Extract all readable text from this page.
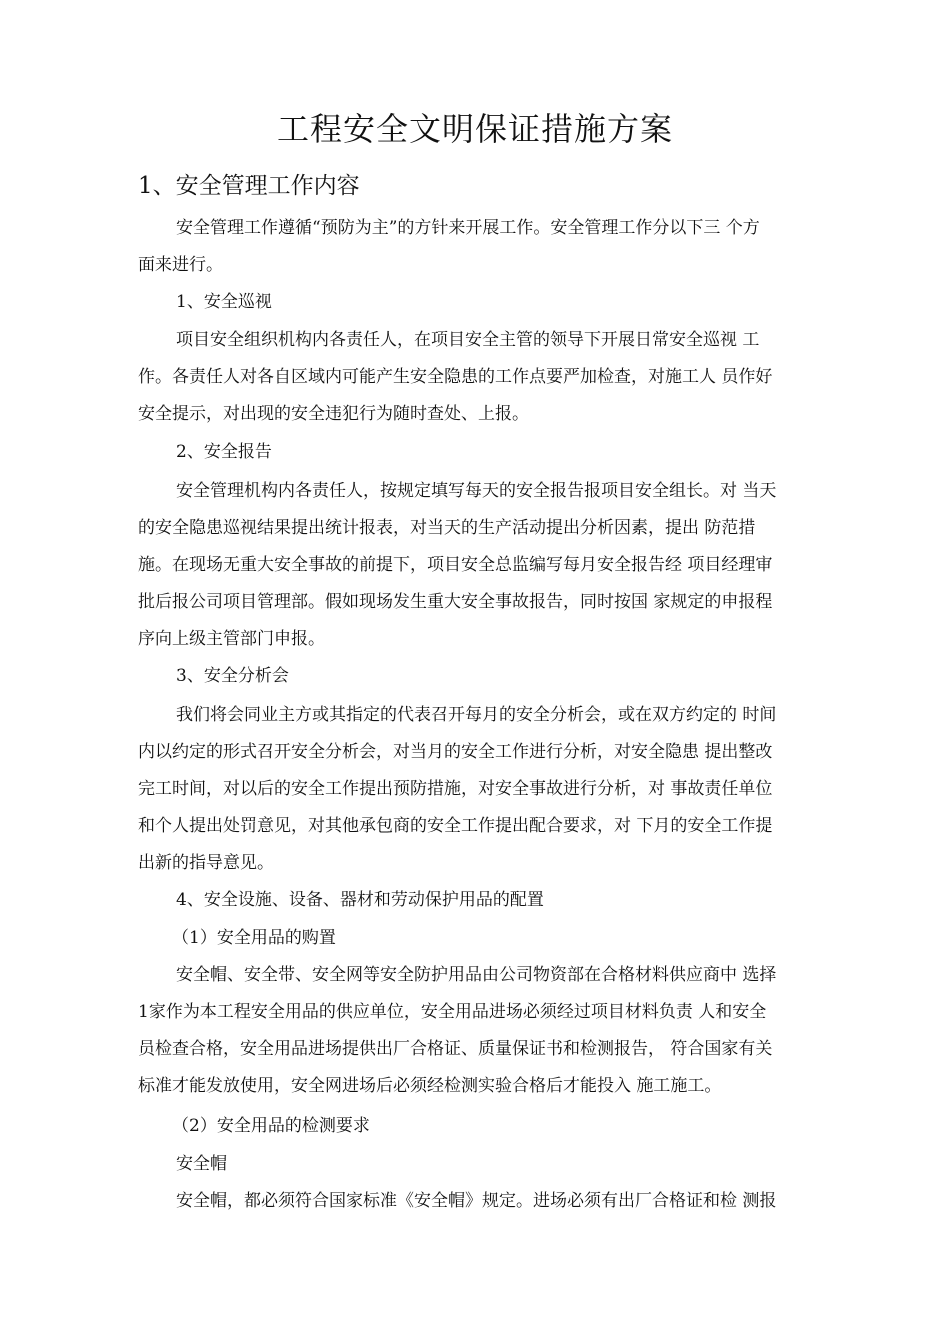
工程安全文明保证措施方案
1、安全管理工作内容
安全管理工作遵循“预防为主”的方针来开展工作。安全管理工作分以下三 个方
面来进行。
1、安全巡视
项目安全组织机构内各责任人，在项目安全主管的领导下开展日常安全巡视 工
作。各责任人对各自区域内可能产生安全隐患的工作点要严加检查，对施工人 员作好
安全提示，对出现的安全违犯行为随时查处、上报。
2、安全报告
安全管理机构内各责任人，按规定填写每天的安全报告报项目安全组长。对 当天
的安全隐患巡视结果提出统计报表，对当天的生产活动提出分析因素，提出 防范措
施。在现场无重大安全事故的前提下，项目安全总监编写每月安全报告经 项目经理审
批后报公司项目管理部。假如现场发生重大安全事故报告，同时按国 家规定的申报程
序向上级主管部门申报。
3、安全分析会
我们将会同业主方或其指定的代表召开每月的安全分析会，或在双方约定的 时间
内以约定的形式召开安全分析会，对当月的安全工作进行分析，对安全隐患 提出整改
完工时间，对以后的安全工作提出预防措施，对安全事故进行分析，对 事故责任单位
和个人提出处罚意见，对其他承包商的安全工作提出配合要求，对 下月的安全工作提
出新的指导意见。
4、安全设施、设备、器材和劳动保护用品的配置
（1）安全用品的购置
安全帽、安全带、安全网等安全防护用品由公司物资部在合格材料供应商中 选择
1家作为本工程安全用品的供应单位，安全用品进场必须经过项目材料负责 人和安全
员检查合格，安全用品进场提供出厂合格证、质量保证书和检测报告， 符合国家有关
标准才能发放使用，安全网进场后必须经检测实验合格后才能投入 施工施工。
（2）安全用品的检测要求
安全帽
安全帽，都必须符合国家标准《安全帽》规定。进场必须有出厂合格证和检 测报
